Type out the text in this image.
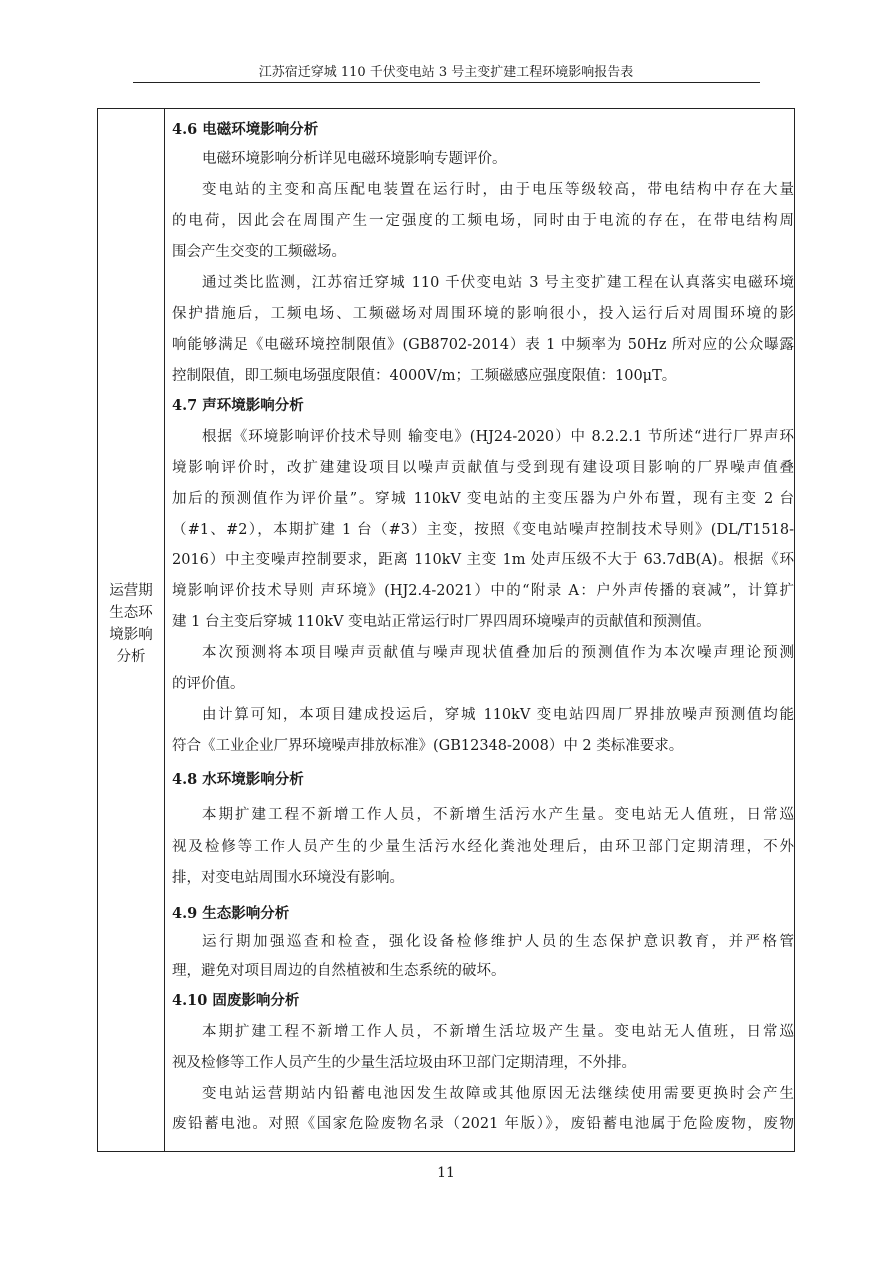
江苏宿迁穿城 110 千伏变电站 3 号主变扩建工程环境影响报告表
运营期
生态环
境影响
分析
4.6 电磁环境影响分析
电磁环境影响分析详见电磁环境影响专题评价。
变电站的主变和高压配电装置在运行时，由于电压等级较高，带电结构中存在大量
的电荷，因此会在周围产生一定强度的工频电场，同时由于电流的存在，在带电结构周
围会产生交变的工频磁场。
通过类比监测，江苏宿迁穿城 110 千伏变电站 3 号主变扩建工程在认真落实电磁环境
保护措施后，工频电场、工频磁场对周围环境的影响很小，投入运行后对周围环境的影
响能够满足《电磁环境控制限值》(GB8702-2014）表 1 中频率为 50Hz 所对应的公众曝露
控制限值，即工频电场强度限值：4000V/m；工频磁感应强度限值：100μT。
4.7 声环境影响分析
根据《环境影响评价技术导则 输变电》(HJ24-2020）中 8.2.2.1 节所述“进行厂界声环
境影响评价时，改扩建建设项目以噪声贡献值与受到现有建设项目影响的厂界噪声值叠
加后的预测值作为评价量”。穿城 110kV 变电站的主变压器为户外布置，现有主变 2 台
（#1、#2），本期扩建 1 台（#3）主变，按照《变电站噪声控制技术导则》(DL/T1518-
2016）中主变噪声控制要求，距离 110kV 主变 1m 处声压级不大于 63.7dB(A)。根据《环
境影响评价技术导则 声环境》(HJ2.4-2021）中的“附录 A：户外声传播的衰减”，计算扩
建 1 台主变后穿城 110kV 变电站正常运行时厂界四周环境噪声的贡献值和预测值。
本次预测将本项目噪声贡献值与噪声现状值叠加后的预测值作为本次噪声理论预测
的评价值。
由计算可知，本项目建成投运后，穿城 110kV 变电站四周厂界排放噪声预测值均能
符合《工业企业厂界环境噪声排放标准》(GB12348-2008）中 2 类标准要求。
4.8 水环境影响分析
本期扩建工程不新增工作人员，不新增生活污水产生量。变电站无人值班，日常巡
视及检修等工作人员产生的少量生活污水经化粪池处理后，由环卫部门定期清理，不外
排，对变电站周围水环境没有影响。
4.9 生态影响分析
运行期加强巡查和检查，强化设备检修维护人员的生态保护意识教育，并严格管
理，避免对项目周边的自然植被和生态系统的破坏。
4.10 固废影响分析
本期扩建工程不新增工作人员，不新增生活垃圾产生量。变电站无人值班，日常巡
视及检修等工作人员产生的少量生活垃圾由环卫部门定期清理，不外排。
变电站运营期站内铅蓄电池因发生故障或其他原因无法继续使用需要更换时会产生
废铅蓄电池。对照《国家危险废物名录（2021 年版）》，废铅蓄电池属于危险废物，废物
11
